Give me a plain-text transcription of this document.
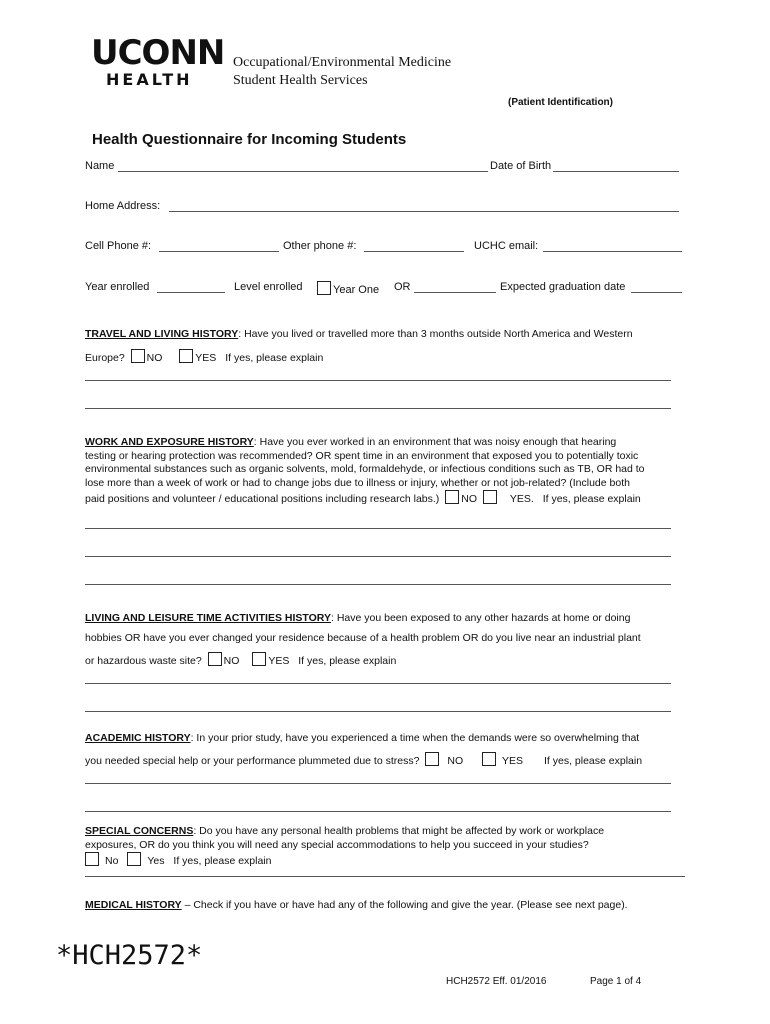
UCONN
HEALTH
Occupational/Environmental Medicine
Student Health Services
(Patient Identification)
Health Questionnaire for Incoming Students
Name	Date of Birth
Home Address:
Cell Phone #:	Other phone #:	UCHC email:
Year enrolled	Level enrolled	Year One OR	Expected graduation date
TRAVEL AND LIVING HISTORY: Have you lived or travelled more than 3 months outside North America and Western
Europe? NO	YES If yes, please explain
WORK AND EXPOSURE HISTORY: Have you ever worked in an environment that was noisy enough that hearing
testing or hearing protection was recommended? OR spent time in an environment that exposed you to potentially toxic
environmental substances such as organic solvents, mold, formaldehyde, or infectious conditions such as TB, OR had to
lose more than a week of work or had to change jobs due to illness or injury, whether or not job-related? (Include both
paid positions and volunteer / educational positions including research labs.) NO	YES. If yes, please explain
LIVING AND LEISURE TIME ACTIVITIES HISTORY: Have you been exposed to any other hazards at home or doing
hobbies OR have you ever changed your residence because of a health problem OR do you live near an industrial plant
or hazardous waste site? NO	YES If yes, please explain
ACADEMIC HISTORY: In your prior study, have you experienced a time when the demands were so overwhelming that
you needed special help or your performance plummeted due to stress?	NO	YES If yes, please explain
SPECIAL CONCERNS: Do you have any personal health problems that might be affected by work or workplace
exposures, OR do you think you will need any special accommodations to help you succeed in your studies?
No	Yes If yes, please explain
MEDICAL HISTORY – Check if you have or have had any of the following and give the year. (Please see next page).
*HCH2572*
HCH2572 Eff. 01/2016	Page 1 of 4
